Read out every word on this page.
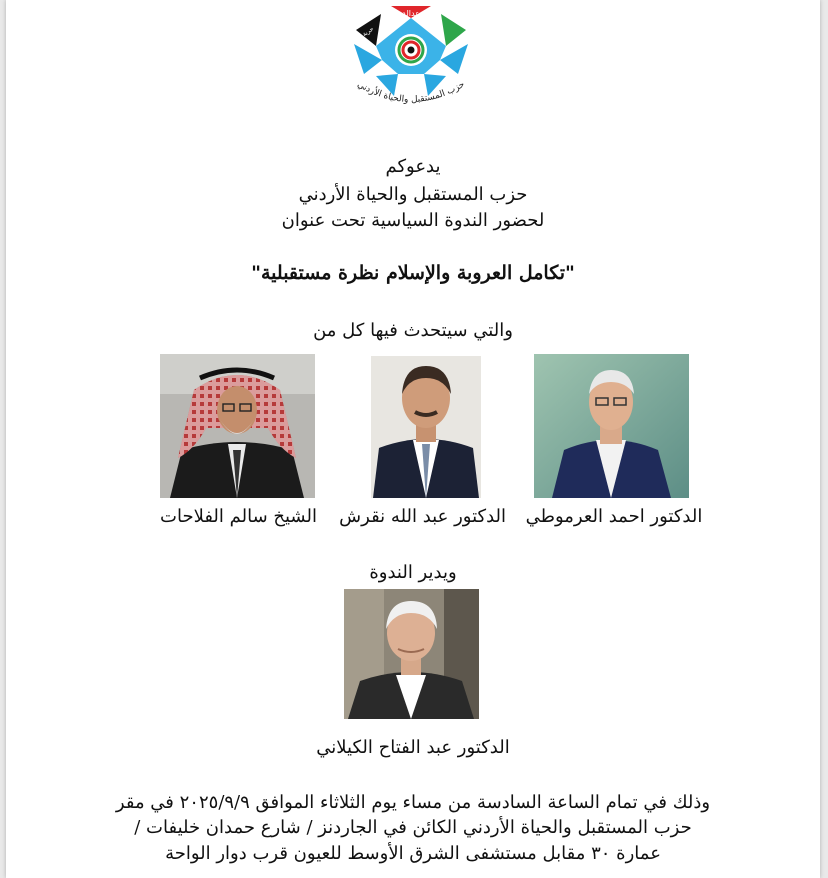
عدالة
حرية
حزب المستقبل والحياة الأردني
يدعوكم
حزب المستقبل والحياة الأردني
لحضور الندوة السياسية تحت عنوان
"تكامل العروبة والإسلام نظرة مستقبلية"
والتي سيتحدث فيها كل من
الدكتور احمد العرموطي
الدكتور عبد الله نقرش
الشيخ سالم الفلاحات
ويدير الندوة
الدكتور عبد الفتاح الكيلاني
وذلك في تمام الساعة السادسة من مساء يوم الثلاثاء الموافق ٢٠٢٥/٩/٩ في مقر
حزب المستقبل والحياة الأردني الكائن في الجاردنز / شارع حمدان خليفات /
عمارة ٣٠ مقابل مستشفى الشرق الأوسط للعيون قرب دوار الواحة
